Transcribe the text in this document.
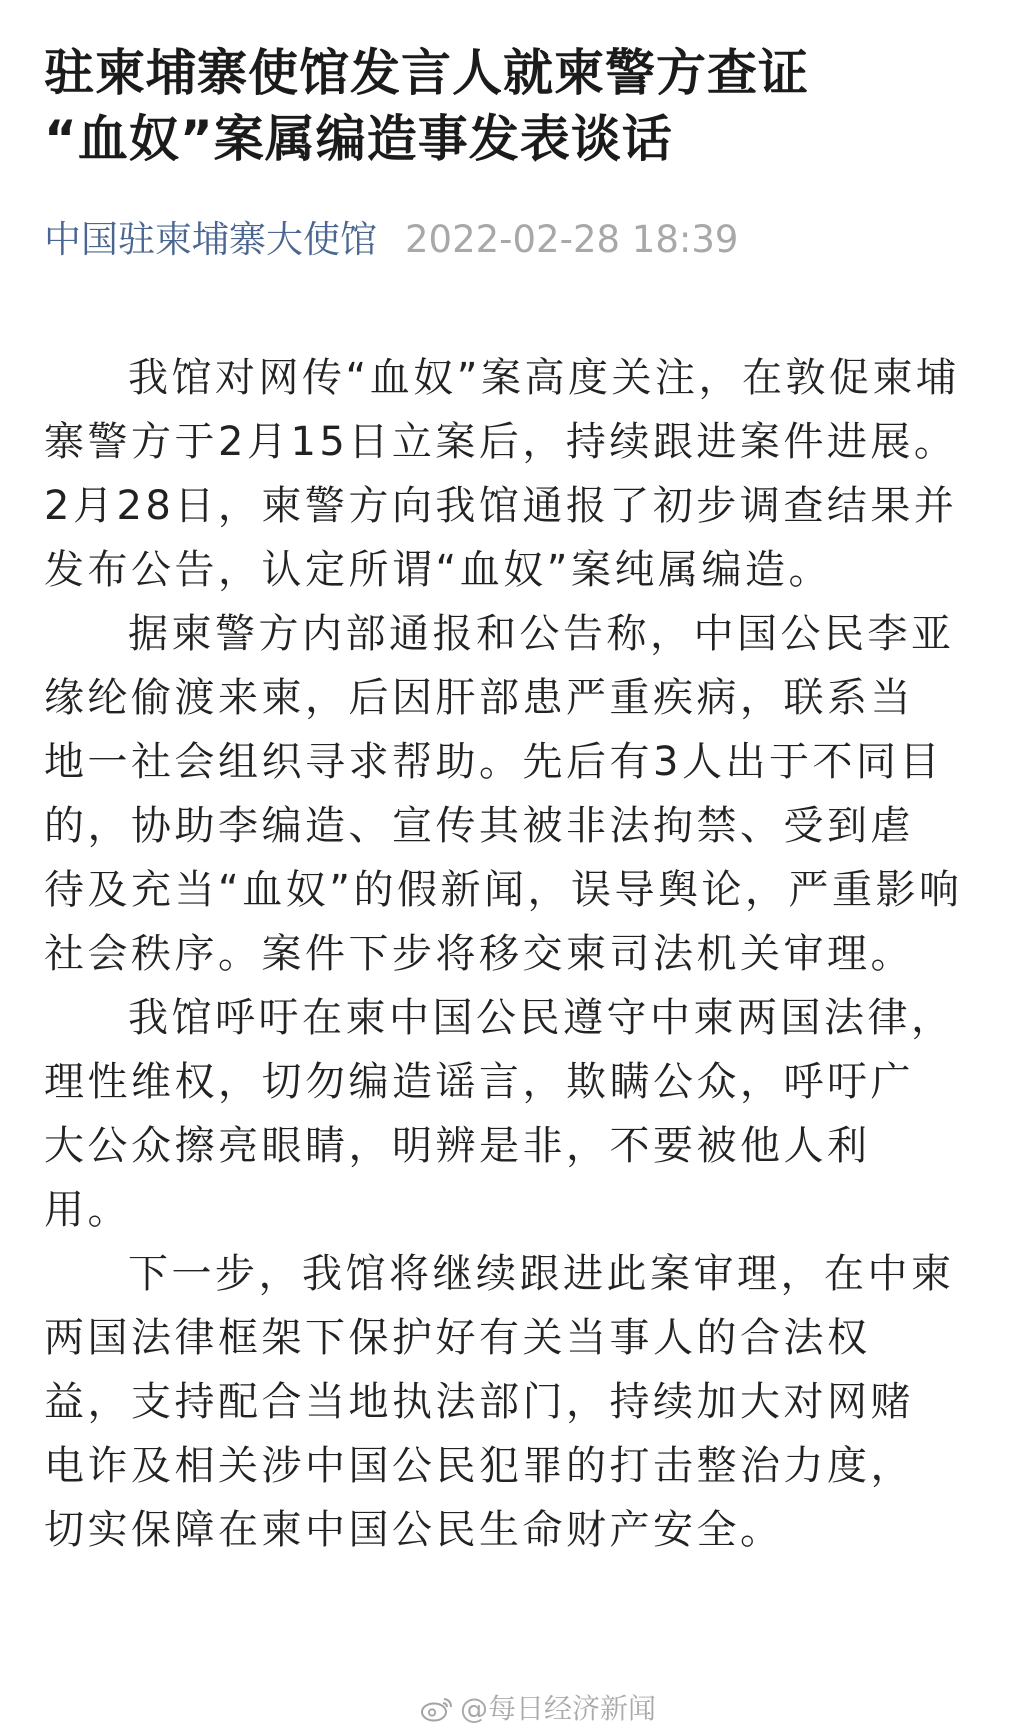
驻柬埔寨使馆发言人就柬警方查证
“血奴”案属编造事发表谈话
中国驻柬埔寨大使馆 2022-02-28 18:39

我馆对网传“血奴”案高度关注，在敦促柬埔
寨警方于2月15日立案后，持续跟进案件进展。
2月28日，柬警方向我馆通报了初步调查结果并
发布公告，认定所谓“血奴”案纯属编造。

据柬警方内部通报和公告称，中国公民李亚
缘纶偷渡来柬，后因肝部患严重疾病，联系当
地一社会组织寻求帮助。先后有3人出于不同目
的，协助李编造、宣传其被非法拘禁、受到虐
待及充当“血奴”的假新闻，误导舆论，严重影响
社会秩序。案件下步将移交柬司法机关审理。

我馆呼吁在柬中国公民遵守中柬两国法律，
理性维权，切勿编造谣言，欺瞒公众，呼吁广
大公众擦亮眼睛，明辨是非，不要被他人利
用。

下一步，我馆将继续跟进此案审理，在中柬
两国法律框架下保护好有关当事人的合法权
益，支持配合当地执法部门，持续加大对网赌
电诈及相关涉中国公民犯罪的打击整治力度，
切实保障在柬中国公民生命财产安全。

@每日经济新闻
